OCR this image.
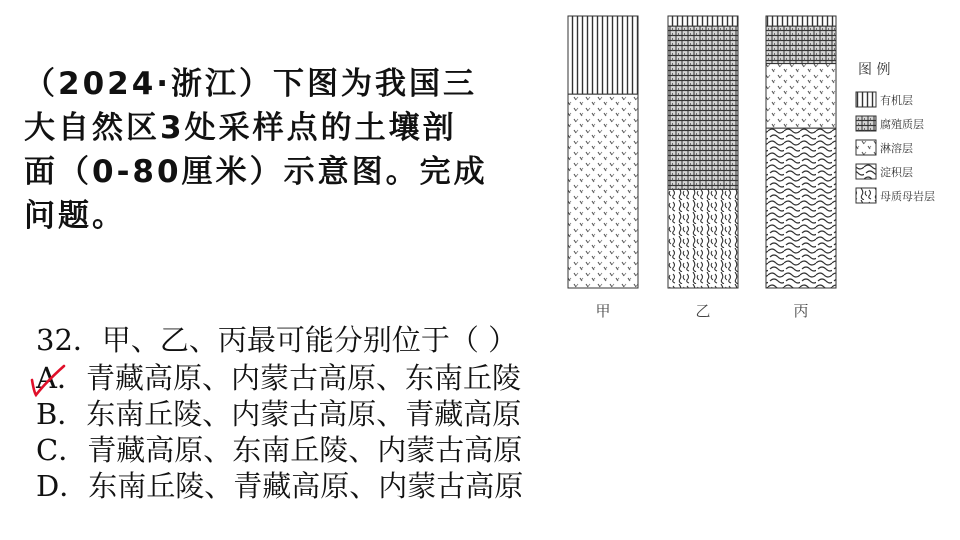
（2024·浙江）下图为我国三
大自然区3处采样点的土壤剖
面（0-80厘米）示意图。完成
问题。
甲	乙	丙
图 例
有机层
腐殖质层
淋溶层
淀积层
母质母岩层

32．甲、乙、丙最可能分别位于（ ）

A．青藏高原、内蒙古高原、东南丘陵
B．东南丘陵、内蒙古高原、青藏高原
C．青藏高原、东南丘陵、内蒙古高原
D．东南丘陵、青藏高原、内蒙古高原
